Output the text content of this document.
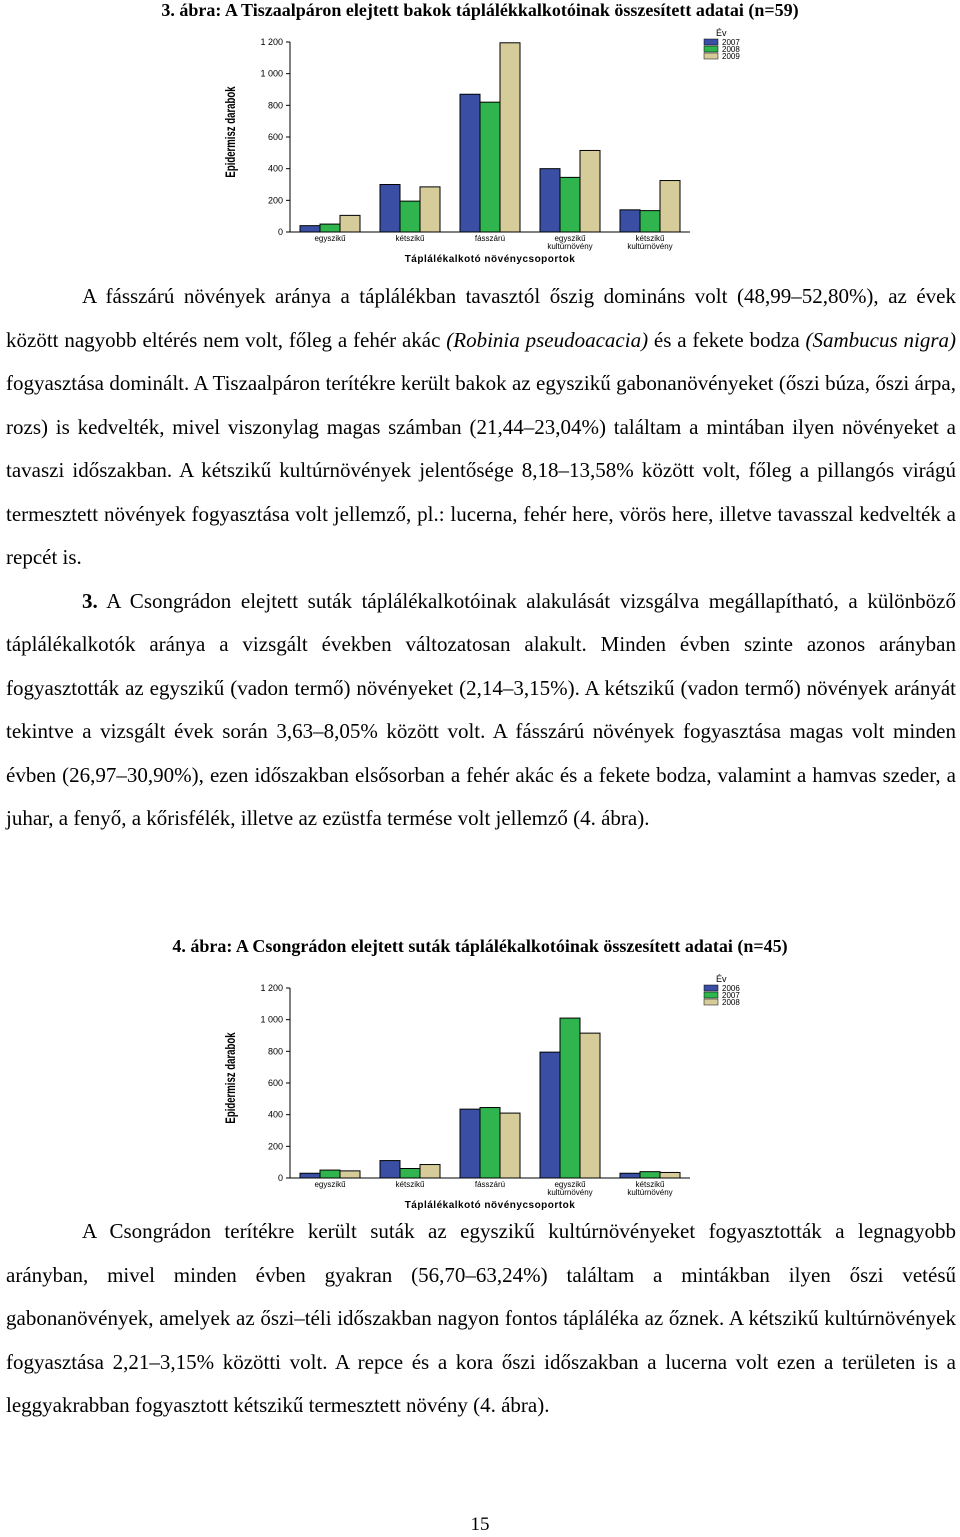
3. ábra: A Tiszaalpáron elejtett bakok táplálékkalkotóinak összesített adatai (n=59)
0
200
400
600
800
1 000
1 200
Epidermisz darabok
egyszikű	kétszikű	fásszárú	egyszikű
kultúrnövény
kétszikű
kultúrnövény
Táplálékalkotó növénycsoportok
Év
2007
2008
2009

A fásszárú növények aránya a táplálékban tavasztól őszig domináns volt (48,99–52,80%), az évek között nagyobb eltérés nem volt, főleg a fehér akác (Robinia pseudoacacia) és a fekete bodza (Sambucus nigra) fogyasztása dominált. A Tiszaalpáron terítékre került bakok az egyszikű gabonanövényeket (őszi búza, őszi árpa, rozs) is kedvelték, mivel viszonylag magas számban (21,44–23,04%) találtam a mintában ilyen növényeket a tavaszi időszakban. A kétszikű kultúrnövények jelentősége 8,18–13,58% között volt, főleg a pillangós virágú termesztett növények fogyasztása volt jellemző, pl.: lucerna, fehér here, vörös here, illetve tavasszal kedvelték a repcét is.

3. A Csongrádon elejtett suták táplálékalkotóinak alakulását vizsgálva megállapítható, a különböző táplálékalkotók aránya a vizsgált években változatosan alakult. Minden évben szinte azonos arányban fogyasztották az egyszikű (vadon termő) növényeket (2,14–3,15%). A kétszikű (vadon termő) növények arányát tekintve a vizsgált évek során 3,63–8,05% között volt. A fásszárú növények fogyasztása magas volt minden évben (26,97–30,90%), ezen időszakban elsősorban a fehér akác és a fekete bodza, valamint a hamvas szeder, a juhar, a fenyő, a kőrisfélék, illetve az ezüstfa termése volt jellemző (4. ábra).

4. ábra: A Csongrádon elejtett suták táplálékalkotóinak összesített adatai (n=45)
0
200
400
600
800
1 000
1 200
Epidermisz darabok
egyszikű	kétszikű	fásszárú	egyszikű
kultúrnövény
kétszikű
kultúrnövény
Táplálékalkotó növénycsoportok
Év
2006
2007
2008

A Csongrádon terítékre került suták az egyszikű kultúrnövényeket fogyasztották a legnagyobb arányban, mivel minden évben gyakran (56,70–63,24%) találtam a mintákban ilyen őszi vetésű gabonanövények, amelyek az őszi–téli időszakban nagyon fontos tápláléka az őznek. A kétszikű kultúrnövények fogyasztása 2,21–3,15% közötti volt. A repce és a kora őszi időszakban a lucerna volt ezen a területen is a leggyakrabban fogyasztott kétszikű termesztett növény (4. ábra).

15
